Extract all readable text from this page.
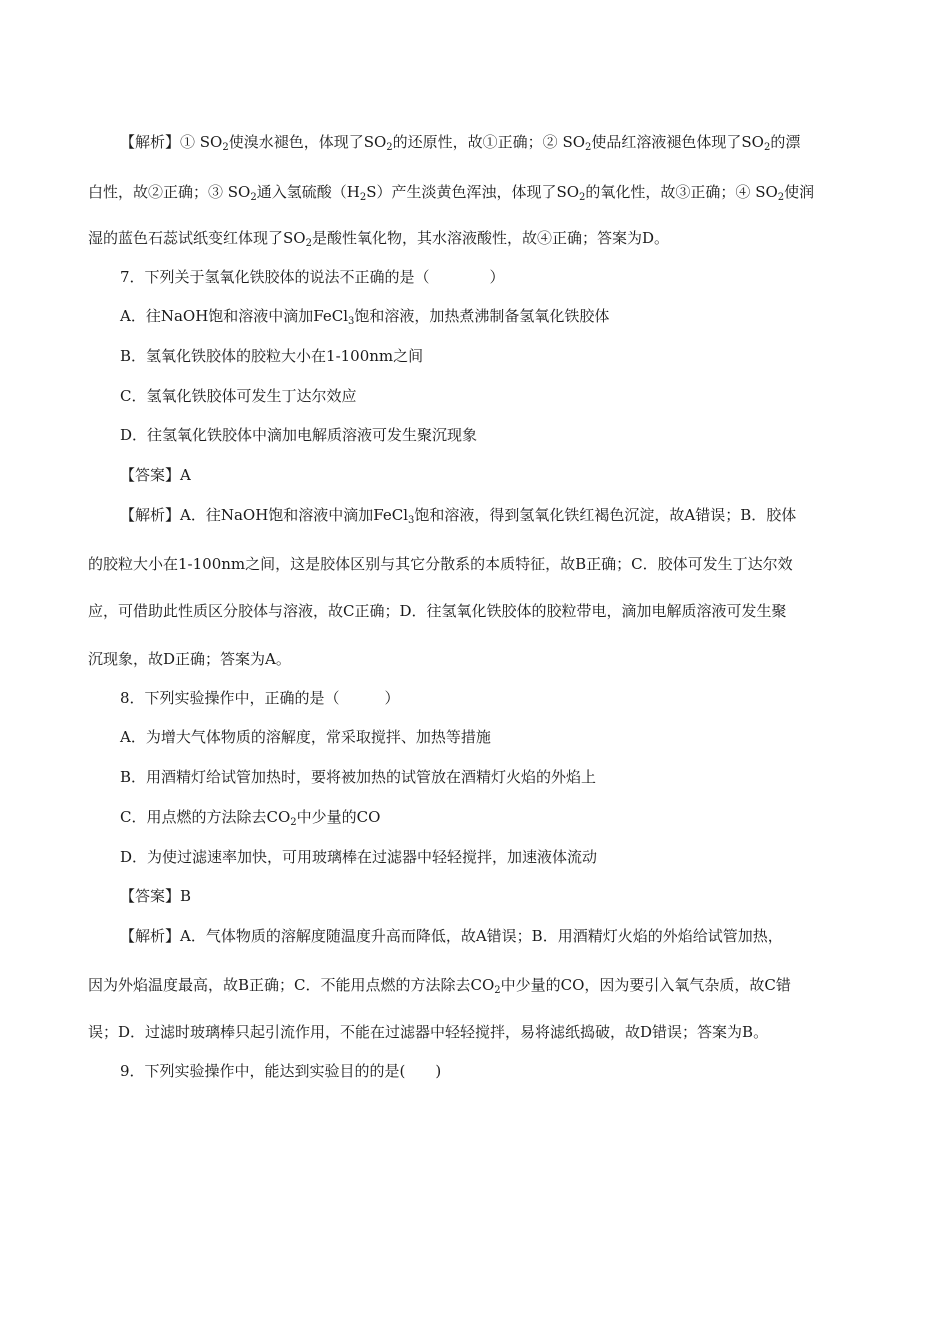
【解析】① $SO_2$使溴水褪色，体现了$SO_2$的还原性，故①正确；② $SO_2$使品红溶液褪色体现了$SO_2$的漂
白性，故②正确；③ $SO_2$通入氢硫酸$(H_2S)$产生淡黄色浑浊，体现了$SO_2$的氧化性，故③正确；④ $SO_2$使润
湿的蓝色石蕊试纸变红体现了$SO_2$是酸性氧化物，其水溶液酸性，故④正确；答案为D。
7．下列关于氢氧化铁胶体的说法不正确的是（　　　　）
A．往NaOH饱和溶液中滴加FeCl$_3$饱和溶液，加热煮沸制备氢氧化铁胶体
B．氢氧化铁胶体的胶粒大小在1-100nm之间
C．氢氧化铁胶体可发生丁达尔效应
D．往氢氧化铁胶体中滴加电解质溶液可发生聚沉现象
【答案】A
【解析】A．往NaOH饱和溶液中滴加FeCl$_3$饱和溶液，得到氢氧化铁红褐色沉淀，故A错误；B．胶体
的胶粒大小在1-100nm之间，这是胶体区别与其它分散系的本质特征，故B正确；C．胶体可发生丁达尔效
应，可借助此性质区分胶体与溶液，故C正确；D．往氢氧化铁胶体的胶粒带电，滴加电解质溶液可发生聚
沉现象，故D正确；答案为A。
8．下列实验操作中，正确的是（　　　）
A．为增大气体物质的溶解度，常采取搅拌、加热等措施
B．用酒精灯给试管加热时，要将被加热的试管放在酒精灯火焰的外焰上
C．用点燃的方法除去$CO_2$中少量的CO
D．为使过滤速率加快，可用玻璃棒在过滤器中轻轻搅拌，加速液体流动
【答案】B
【解析】A．气体物质的溶解度随温度升高而降低，故A错误；B．用酒精灯火焰的外焰给试管加热，
因为外焰温度最高，故B正确；C．不能用点燃的方法除去$CO_2$中少量的CO，因为要引入氧气杂质，故C错
误；D．过滤时玻璃棒只起引流作用，不能在过滤器中轻轻搅拌，易将滤纸捣破，故D错误；答案为B。
9．下列实验操作中，能达到实验目的的是(　　)
